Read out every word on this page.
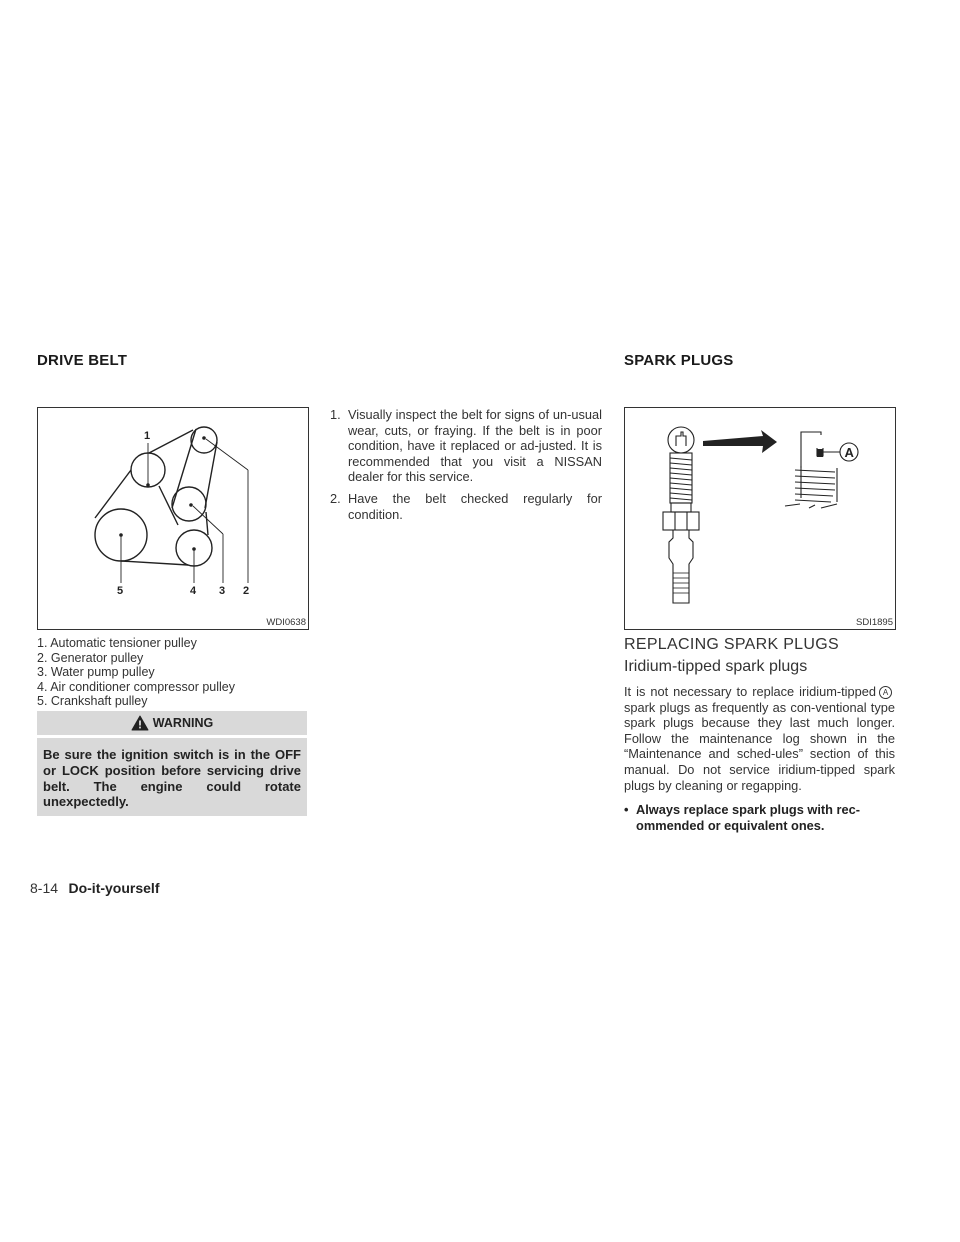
DRIVE BELT	SPARK PLUGS
1
2
3
4
5
WDI0638
1. Automatic tensioner pulley
2. Generator pulley
3. Water pump pulley
4. Air conditioner compressor pulley
5. Crankshaft pulley
WARNING
Be sure the ignition switch is in the OFF or LOCK position before servicing drive belt. The engine could rotate unexpectedly.
1. Visually inspect the belt for signs of un-usual wear, cuts, or fraying. If the belt is in poor condition, have it replaced or ad-justed. It is recommended that you visit a NISSAN dealer for this service.
2. Have the belt checked regularly for condition.
A
SDI1895
REPLACING SPARK PLUGS
Iridium-tipped spark plugs
It is not necessary to replace iridium-tipped Aspark plugs as frequently as con-ventional type spark plugs because they last much longer. Follow the maintenance log shown in the “Maintenance and sched-ules” section of this manual. Do not service iridium-tipped spark plugs by cleaning or regapping.
• Always replace spark plugs with rec-ommended or equivalent ones.
8-14 Do-it-yourself
